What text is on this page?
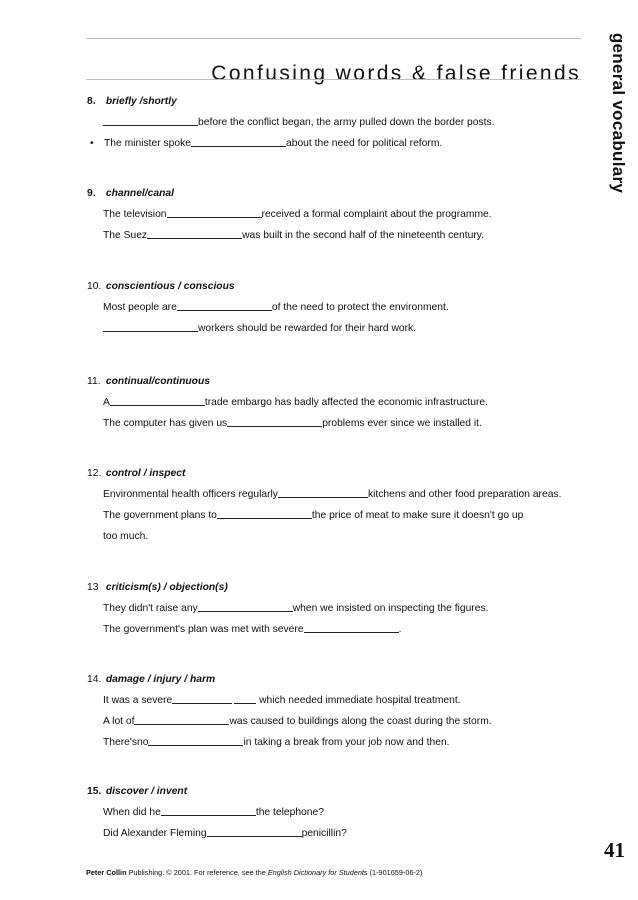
Confusing words & false friends general vocabulary
8. briefly /shortly
before the conflict began, the army pulled down the border posts.
• The minister spoke	about the need for political reform.
9. channel/canal
The television	received a formal complaint about the programme.
The Suez	was built in the second half of the nineteenth century.
10. conscientious / conscious
Most people are	of the need to protect the environment.
workers should be rewarded for their hard work.
11. continual/continuous
A	trade embargo has badly affected the economic infrastructure.
The computer has given us	problems ever since we installed it.
12. control / inspect
Environmental health officers regularly	kitchens and other food preparation areas.
The government plans to	the price of meat to make sure it doesn't go up
too much.
13 criticism(s) / objection(s)
They didn't raise any	when we insisted on inspecting the figures.
The government's plan was met with severe	.
14. damage / injury / harm
It was a severe	which needed immediate hospital treatment.
A lot of	was caused to buildings along the coast during the storm.
There'sno	in taking a break from your job now and then.
15. discover / invent
When did he	the telephone?
Did Alexander Fleming	penicillin?
41
Peter Collin Publishing. © 2001. For reference, see the English Dictionary for Students (1-901659-06-2)
